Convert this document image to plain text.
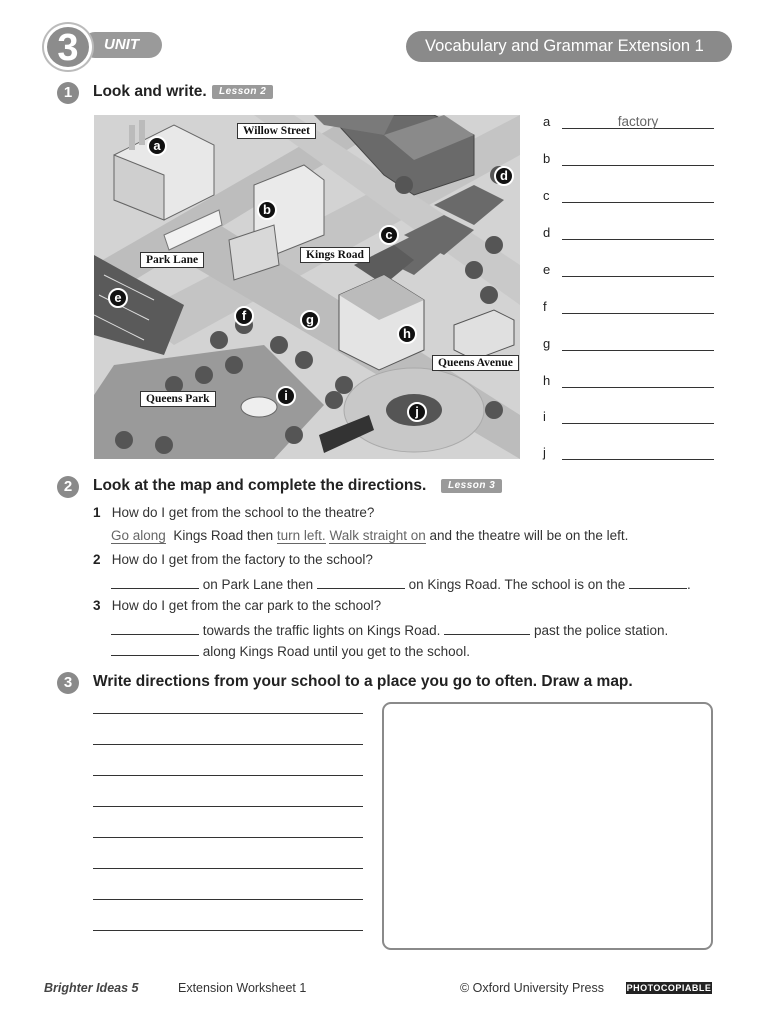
UNIT
3	Vocabulary and Grammar Extension 1
1	Look and write.	Lesson 2
Willow Street
Park Lane	Kings Road
Queens Avenue
Queens Park
a
b
c
d
e
f	g
h
i
j
a	factory
b
c
d
e
f
g
h
i
j
2	Look at the map and complete the directions.	Lesson 3
1 How do I get from the school to the theatre?
Go along Kings Road then turn left. Walk straight on and the theatre will be on the left.
2 How do I get from the factory to the school?
on Park Lane then	on Kings Road. The school is on the	.
3 How do I get from the car park to the school?
towards the traffic lights on Kings Road.	past the police station.
along Kings Road until you get to the school.
3	Write directions from your school to a place you go to often. Draw a map.
Brighter Ideas 5	Extension Worksheet 1	© Oxford University Press	PHOTOCOPIABLE
